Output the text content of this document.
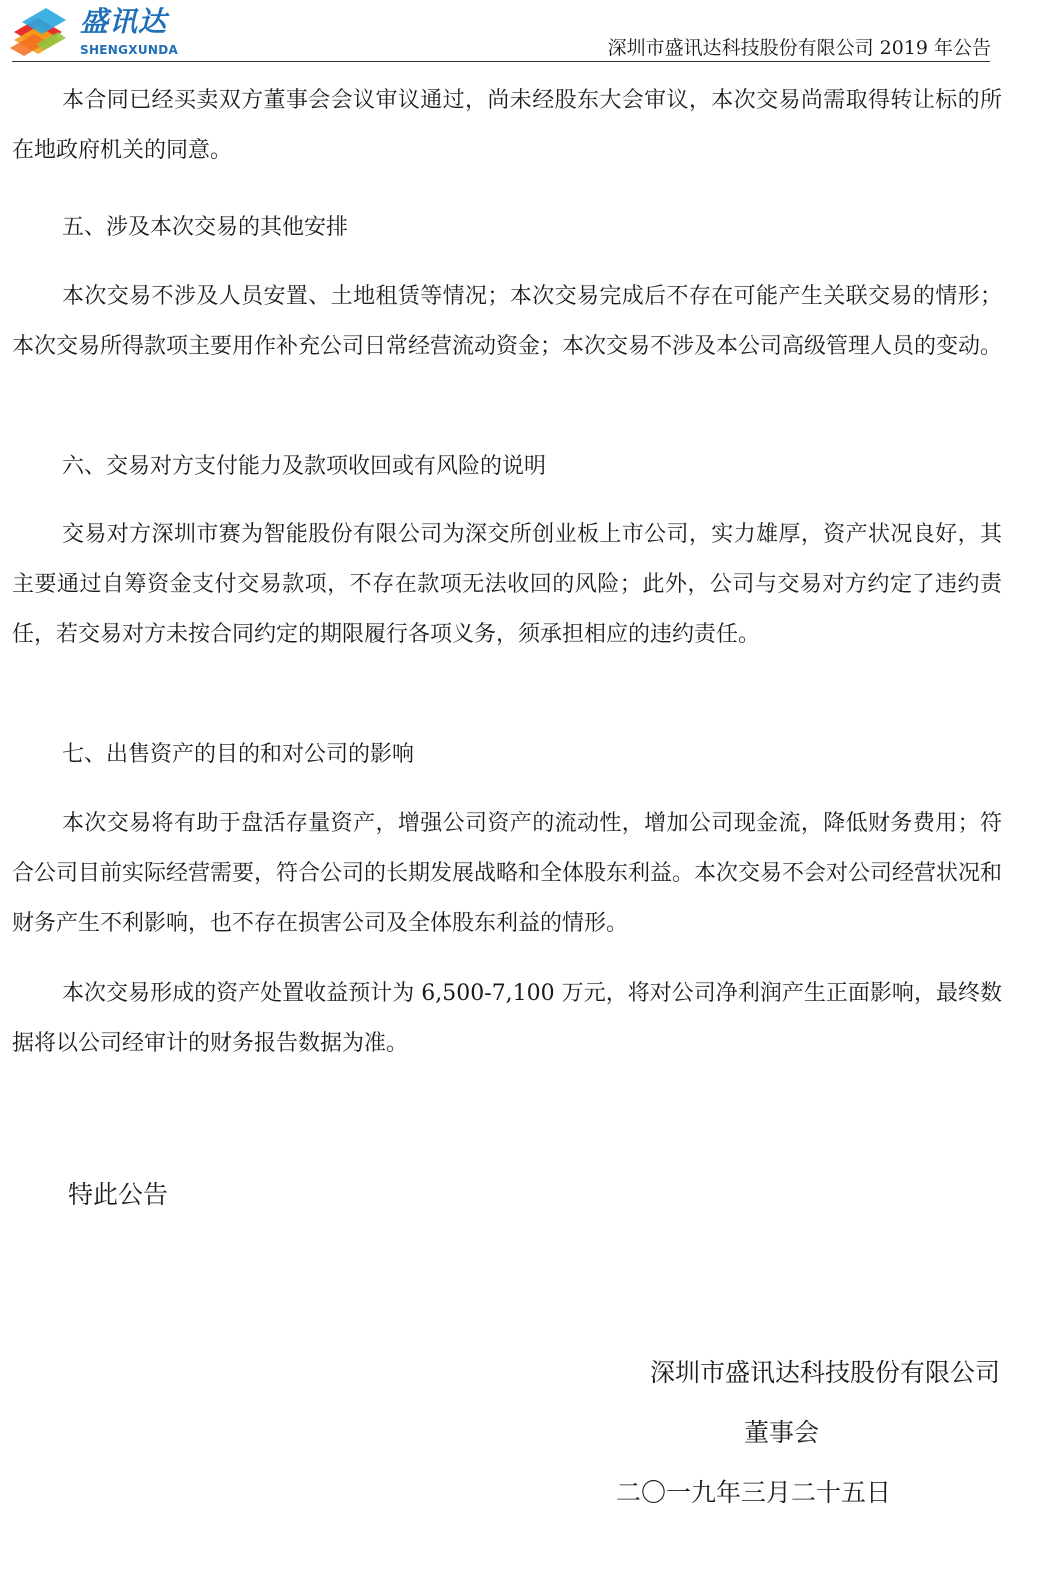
盛讯达
SHENGXUNDA	深圳市盛讯达科技股份有限公司 2019 年公告

本合同已经买卖双方董事会会议审议通过，尚未经股东大会审议，本次交易尚需取得转让标的所在地政府机关的同意。

五、涉及本次交易的其他安排

本次交易不涉及人员安置、土地租赁等情况；本次交易完成后不存在可能产生关联交易的情形；本次交易所得款项主要用作补充公司日常经营流动资金；本次交易不涉及本公司高级管理人员的变动。

六、交易对方支付能力及款项收回或有风险的说明

交易对方深圳市赛为智能股份有限公司为深交所创业板上市公司，实力雄厚，资产状况良好，其主要通过自筹资金支付交易款项，不存在款项无法收回的风险；此外，公司与交易对方约定了违约责任，若交易对方未按合同约定的期限履行各项义务，须承担相应的违约责任。

七、出售资产的目的和对公司的影响

本次交易将有助于盘活存量资产，增强公司资产的流动性，增加公司现金流，降低财务费用；符合公司目前实际经营需要，符合公司的长期发展战略和全体股东利益。本次交易不会对公司经营状况和财务产生不利影响，也不存在损害公司及全体股东利益的情形。

本次交易形成的资产处置收益预计为 6,500-7,100 万元，将对公司净利润产生正面影响，最终数据将以公司经审计的财务报告数据为准。

特此公告
深圳市盛讯达科技股份有限公司
董事会
二〇一九年三月二十五日
